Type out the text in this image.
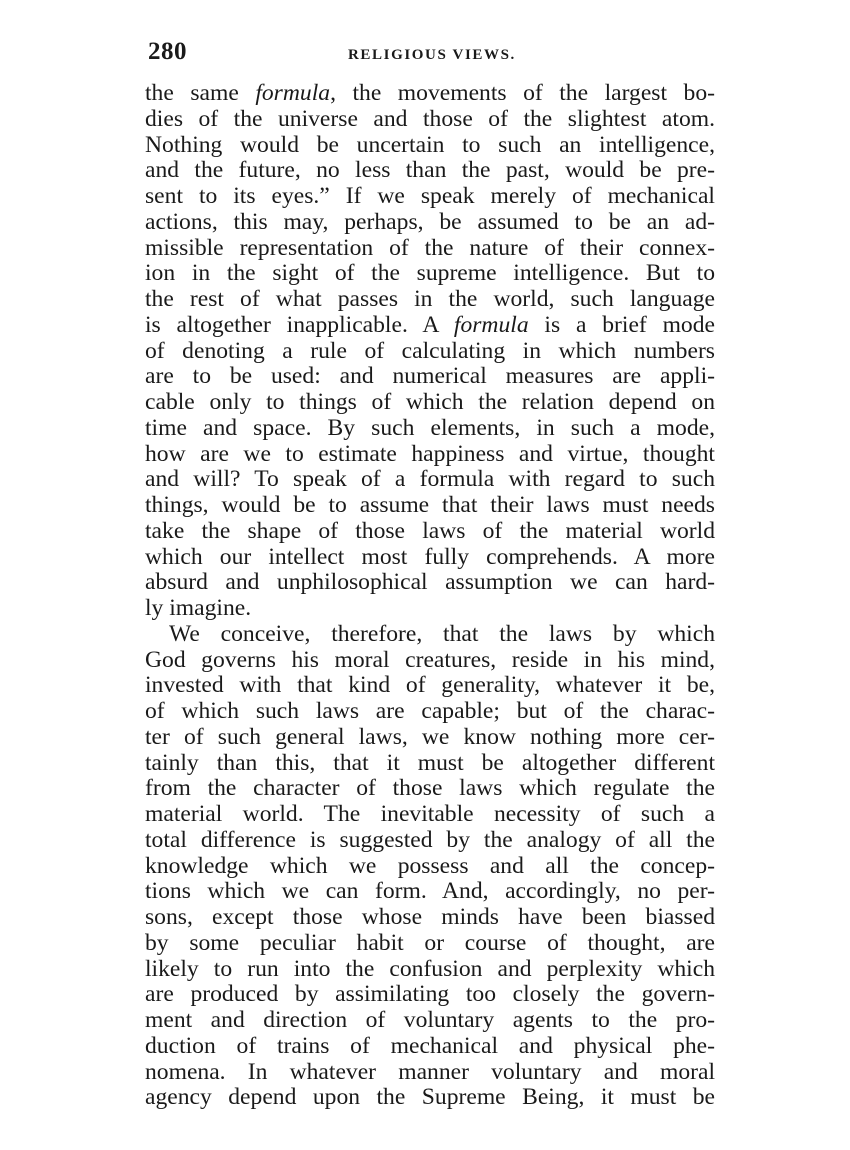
280	RELIGIOUS VIEWS.
the same formula, the movements of the largest bo-
dies of the universe and those of the slightest atom.
Nothing would be uncertain to such an intelligence,
and the future, no less than the past, would be pre-
sent to its eyes.” If we speak merely of mechanical
actions, this may, perhaps, be assumed to be an ad-
missible representation of the nature of their connex-
ion in the sight of the supreme intelligence. But to
the rest of what passes in the world, such language
is altogether inapplicable. A formula is a brief mode
of denoting a rule of calculating in which numbers
are to be used: and numerical measures are appli-
cable only to things of which the relation depend on
time and space. By such elements, in such a mode,
how are we to estimate happiness and virtue, thought
and will? To speak of a formula with regard to such
things, would be to assume that their laws must needs
take the shape of those laws of the material world
which our intellect most fully comprehends. A more
absurd and unphilosophical assumption we can hard-
ly imagine.
We conceive, therefore, that the laws by which
God governs his moral creatures, reside in his mind,
invested with that kind of generality, whatever it be,
of which such laws are capable; but of the charac-
ter of such general laws, we know nothing more cer-
tainly than this, that it must be altogether different
from the character of those laws which regulate the
material world. The inevitable necessity of such a
total difference is suggested by the analogy of all the
knowledge which we possess and all the concep-
tions which we can form. And, accordingly, no per-
sons, except those whose minds have been biassed
by some peculiar habit or course of thought, are
likely to run into the confusion and perplexity which
are produced by assimilating too closely the govern-
ment and direction of voluntary agents to the pro-
duction of trains of mechanical and physical phe-
nomena. In whatever manner voluntary and moral
agency depend upon the Supreme Being, it must be
